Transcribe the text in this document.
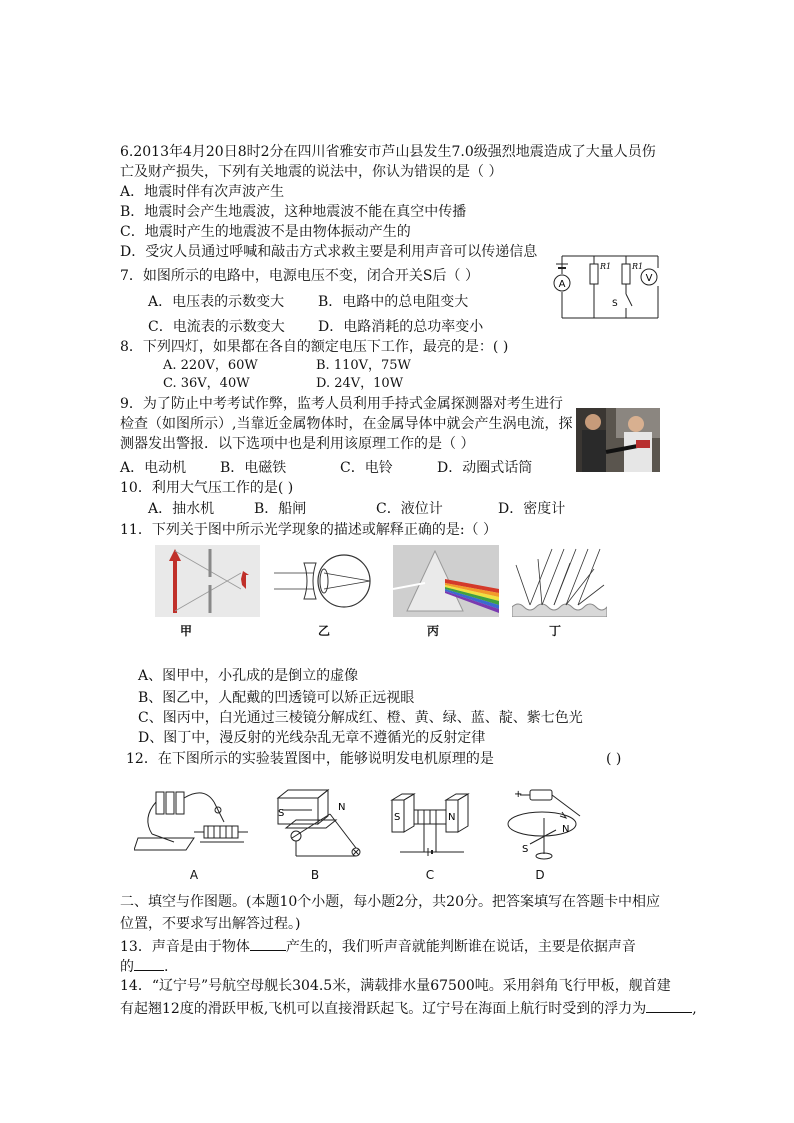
6.2013年4月20日8时2分在四川省雅安市芦山县发生7.0级强烈地震造成了大量人员伤
亡及财产损失，下列有关地震的说法中，你认为错误的是（ ）
A．地震时伴有次声波产生
B．地震时会产生地震波，这种地震波不能在真空中传播
C．地震时产生的地震波不是由物体振动产生的
D．受灾人员通过呼喊和敲击方式求救主要是利用声音可以传递信息
7．如图所示的电路中，电源电压不变，闭合开关S后（ ）
A．电压表的示数变大 B．电路中的总电阻变大
C．电流表的示数变大 D．电路消耗的总功率变小
A
V
R1	R1
S
8．下列四灯，如果都在各自的额定电压下工作，最亮的是：( )
A. 220V，60W	B. 110V，75W
C. 36V，40W	D. 24V，10W
9．为了防止中考考试作弊，监考人员利用手持式金属探测器对考生进行
检查（如图所示）,当靠近金属物体时，在金属导体中就会产生涡电流，探
测器发出警报．以下选项中也是利用该原理工作的是（ ）
A．电动机 B．电磁铁	C．电铃	D．动圈式话筒
10．利用大气压工作的是( )
A．抽水机	B．船闸	C．液位计	D．密度计
11．下列关于图中所示光学现象的描述或解释正确的是:（ ）
甲	乙	丙	丁
A、图甲中，小孔成的是倒立的虚像
B、图乙中，人配戴的凹透镜可以矫正远视眼
C、图丙中，白光通过三棱镜分解成红、橙、黄、绿、蓝、靛、紫七色光
D、图丁中，漫反射的光线杂乱无章不遵循光的反射定律
12．在下图所示的实验装置图中，能够说明发电机原理的是	( )
S
N
S	N
+
S
N
A	B	C	D
二、填空与作图题。(本题10个小题，每小题2分，共20分。把答案填写在答题卡中相应
位置，不要求写出解答过程。)
13．声音是由于物体	产生的，我们听声音就能判断谁在说话，主要是依据声音
的 .
14．“辽宁号”号航空母舰长304.5米，满载排水量67500吨。采用斜角飞行甲板，舰首建
有起翘12度的滑跃甲板,飞机可以直接滑跃起飞。辽宁号在海面上航行时受到的浮力为	,
